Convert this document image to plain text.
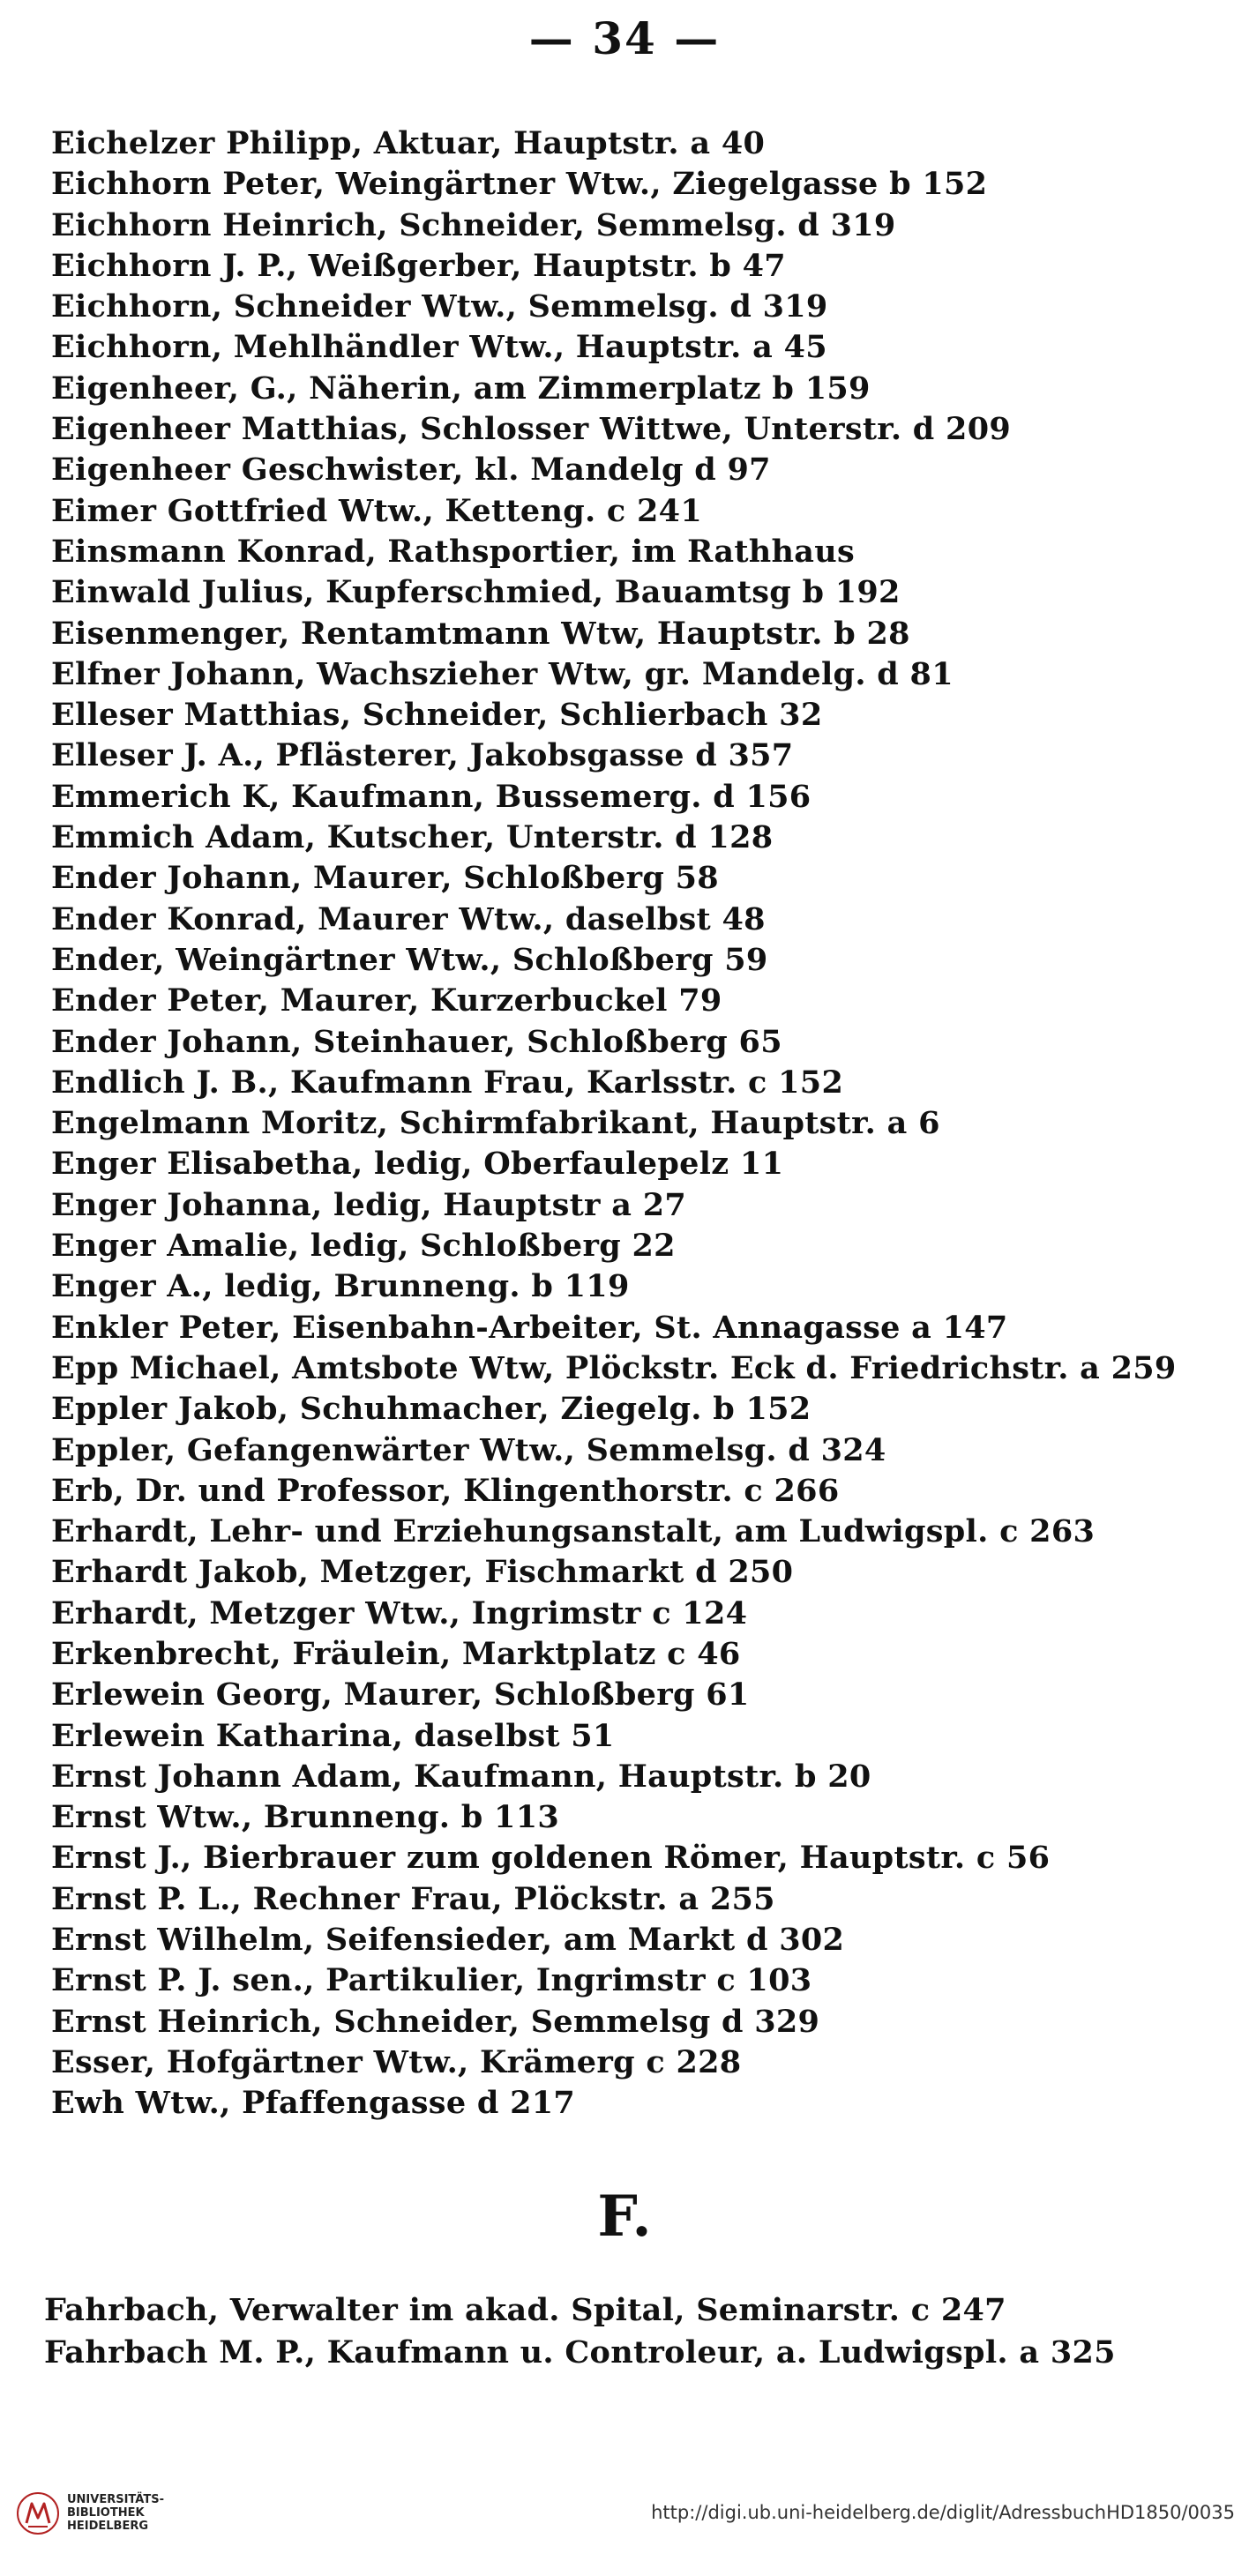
— 34 —
Eichelzer Philipp, Aktuar, Hauptstr. a 40
Eichhorn Peter, Weingärtner Wtw., Ziegelgasse b 152
Eichhorn Heinrich, Schneider, Semmelsg. d 319
Eichhorn J. P., Weißgerber, Hauptstr. b 47
Eichhorn, Schneider Wtw., Semmelsg. d 319
Eichhorn, Mehlhändler Wtw., Hauptstr. a 45
Eigenheer, G., Näherin, am Zimmerplatz b 159
Eigenheer Matthias, Schlosser Wittwe, Unterstr. d 209
Eigenheer Geschwister, kl. Mandelg d 97
Eimer Gottfried Wtw., Ketteng. c 241
Einsmann Konrad, Rathsportier, im Rathhaus
Einwald Julius, Kupferschmied, Bauamtsg b 192
Eisenmenger, Rentamtmann Wtw, Hauptstr. b 28
Elfner Johann, Wachszieher Wtw, gr. Mandelg. d 81
Elleser Matthias, Schneider, Schlierbach 32
Elleser J. A., Pflästerer, Jakobsgasse d 357
Emmerich K, Kaufmann, Bussemerg. d 156
Emmich Adam, Kutscher, Unterstr. d 128
Ender Johann, Maurer, Schloßberg 58
Ender Konrad, Maurer Wtw., daselbst 48
Ender, Weingärtner Wtw., Schloßberg 59
Ender Peter, Maurer, Kurzerbuckel 79
Ender Johann, Steinhauer, Schloßberg 65
Endlich J. B., Kaufmann Frau, Karlsstr. c 152
Engelmann Moritz, Schirmfabrikant, Hauptstr. a 6
Enger Elisabetha, ledig, Oberfaulepelz 11
Enger Johanna, ledig, Hauptstr a 27
Enger Amalie, ledig, Schloßberg 22
Enger A., ledig, Brunneng. b 119
Enkler Peter, Eisenbahn-Arbeiter, St. Annagasse a 147
Epp Michael, Amtsbote Wtw, Plöckstr. Eck d. Friedrichstr. a 259
Eppler Jakob, Schuhmacher, Ziegelg. b 152
Eppler, Gefangenwärter Wtw., Semmelsg. d 324
Erb, Dr. und Professor, Klingenthorstr. c 266
Erhardt, Lehr- und Erziehungsanstalt, am Ludwigspl. c 263
Erhardt Jakob, Metzger, Fischmarkt d 250
Erhardt, Metzger Wtw., Ingrimstr c 124
Erkenbrecht, Fräulein, Marktplatz c 46
Erlewein Georg, Maurer, Schloßberg 61
Erlewein Katharina, daselbst 51
Ernst Johann Adam, Kaufmann, Hauptstr. b 20
Ernst Wtw., Brunneng. b 113
Ernst J., Bierbrauer zum goldenen Römer, Hauptstr. c 56
Ernst P. L., Rechner Frau, Plöckstr. a 255
Ernst Wilhelm, Seifensieder, am Markt d 302
Ernst P. J. sen., Partikulier, Ingrimstr c 103
Ernst Heinrich, Schneider, Semmelsg d 329
Esser, Hofgärtner Wtw., Krämerg c 228
Ewh Wtw., Pfaffengasse d 217
F.
Fahrbach, Verwalter im akad. Spital, Seminarstr. c 247
Fahrbach M. P., Kaufmann u. Controleur, a. Ludwigspl. a 325
UNIVERSITÄTS-
BIBLIOTHEK
HEIDELBERG
http://digi.ub.uni-heidelberg.de/diglit/AdressbuchHD1850/0035
